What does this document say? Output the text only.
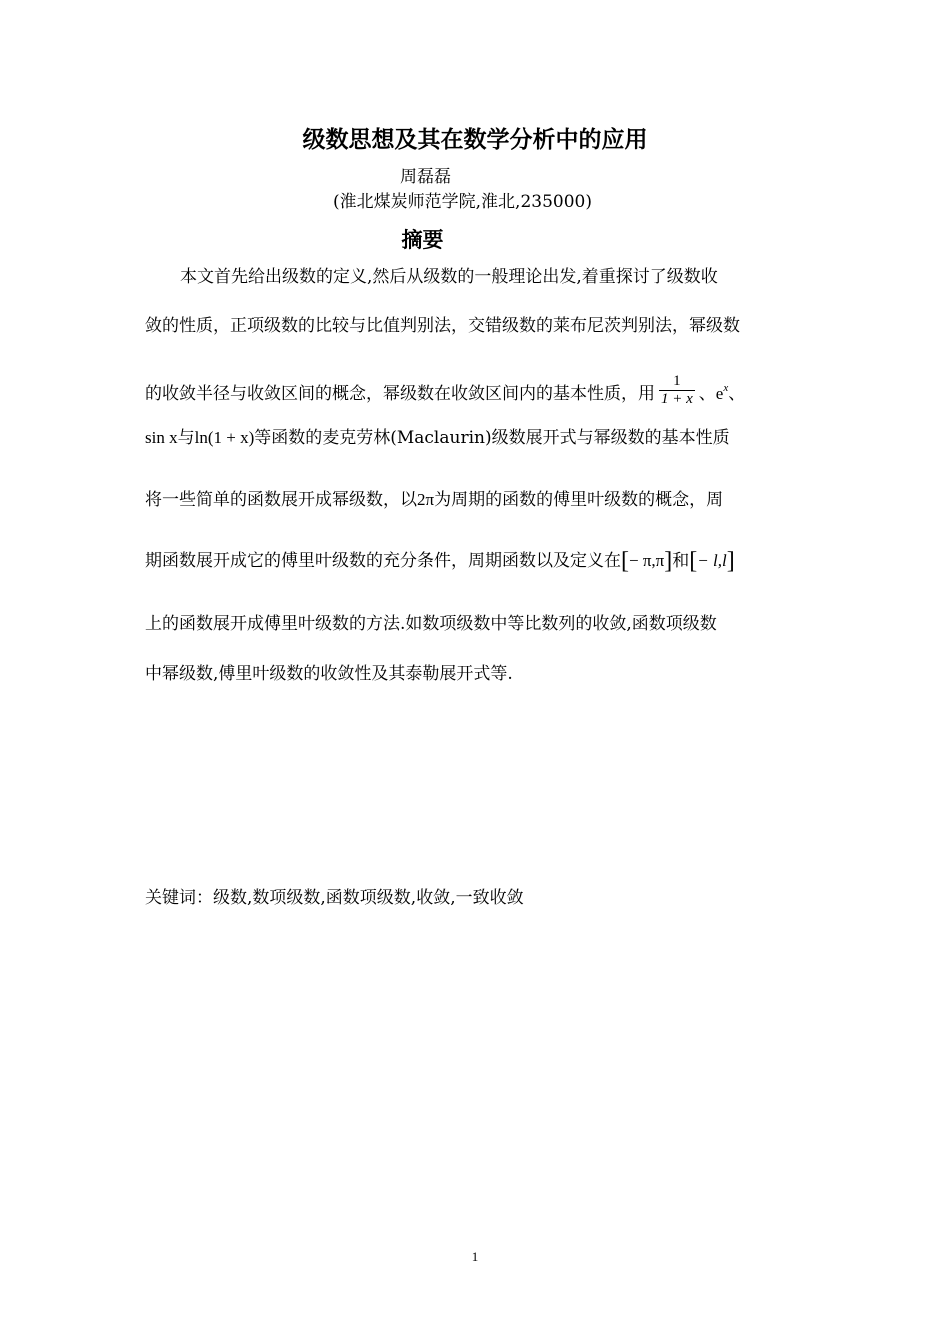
级数思想及其在数学分析中的应用
周磊磊
(淮北煤炭师范学院,淮北,235000)
摘要
本文首先给出级数的定义,然后从级数的一般理论出发,着重探讨了级数收
敛的性质，正项级数的比较与比值判别法，交错级数的莱布尼茨判别法，幂级数
的收敛半径与收敛区间的概念，幂级数在收敛区间内的基本性质，用 $\frac{1}{1 + x}$ 、$e^x$、
sin x与ln(1 + x)等函数的麦克劳林(Maclaurin)级数展开式与幂级数的基本性质
将一些简单的函数展开成幂级数，以2π为周期的函数的傅里叶级数的概念，周
期函数展开成它的傅里叶级数的充分条件，周期函数以及定义在[− π,π]和[− l,l]
上的函数展开成傅里叶级数的方法.如数项级数中等比数列的收敛,函数项级数
中幂级数,傅里叶级数的收敛性及其泰勒展开式等.
关键词：级数,数项级数,函数项级数,收敛,一致收敛
1
